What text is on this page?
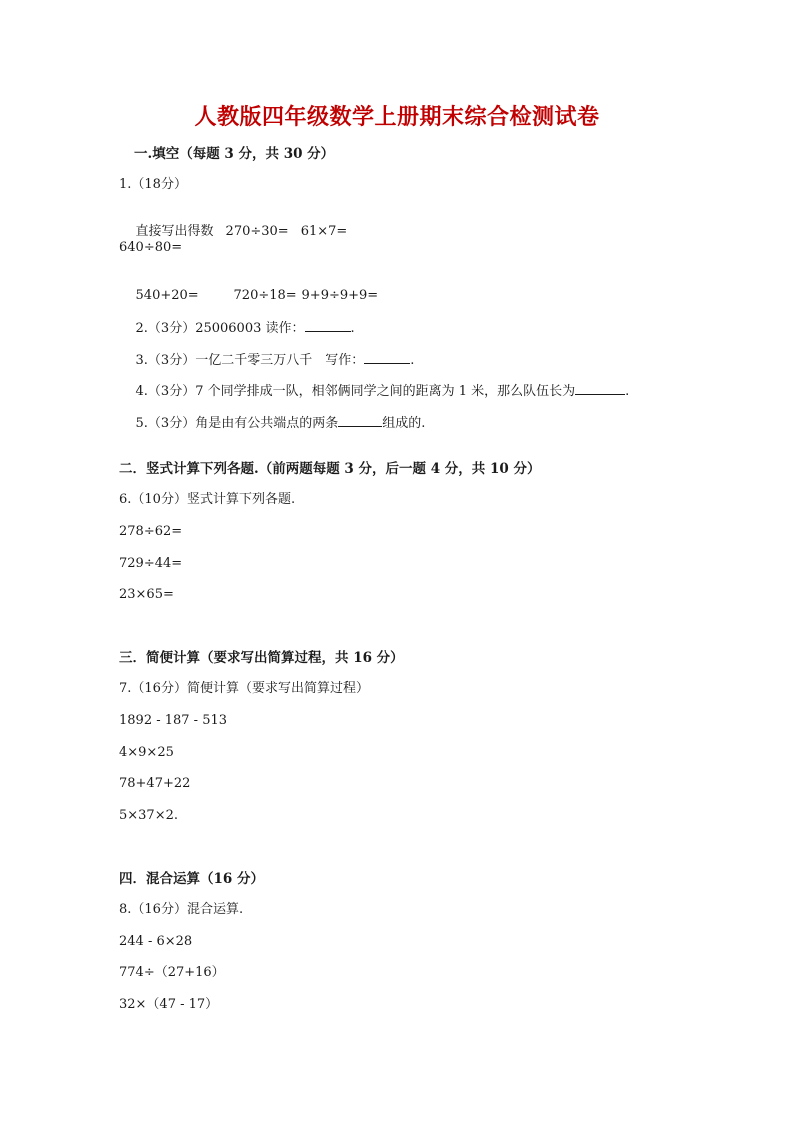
人教版四年级数学上册期末综合检测试卷
一.填空（每题 3 分，共 30 分）
1.（18分）

直接写出得数 270÷30= 61×7=

640÷80=

540+20=	720÷18= 9+9÷9+9=

2.（3分）25006003 读作：	.

3.（3分）一亿二千零三万八千　写作：	.

4.（3分）7 个同学排成一队，相邻俩同学之间的距离为 1 米，那么队伍长为	.

5.（3分）角是由有公共端点的两条	组成的.

二．竖式计算下列各题.（前两题每题 3 分，后一题 4 分，共 10 分）
6.（10分）竖式计算下列各题.
278÷62=
729÷44=
23×65=
三．简便计算（要求写出简算过程，共 16 分）
7.（16分）简便计算（要求写出简算过程）
1892 - 187 - 513
4×9×25
78+47+22
5×37×2.
四．混合运算（16 分）
8.（16分）混合运算.
244 - 6×28
774÷（27+16）
32×（47 - 17）
